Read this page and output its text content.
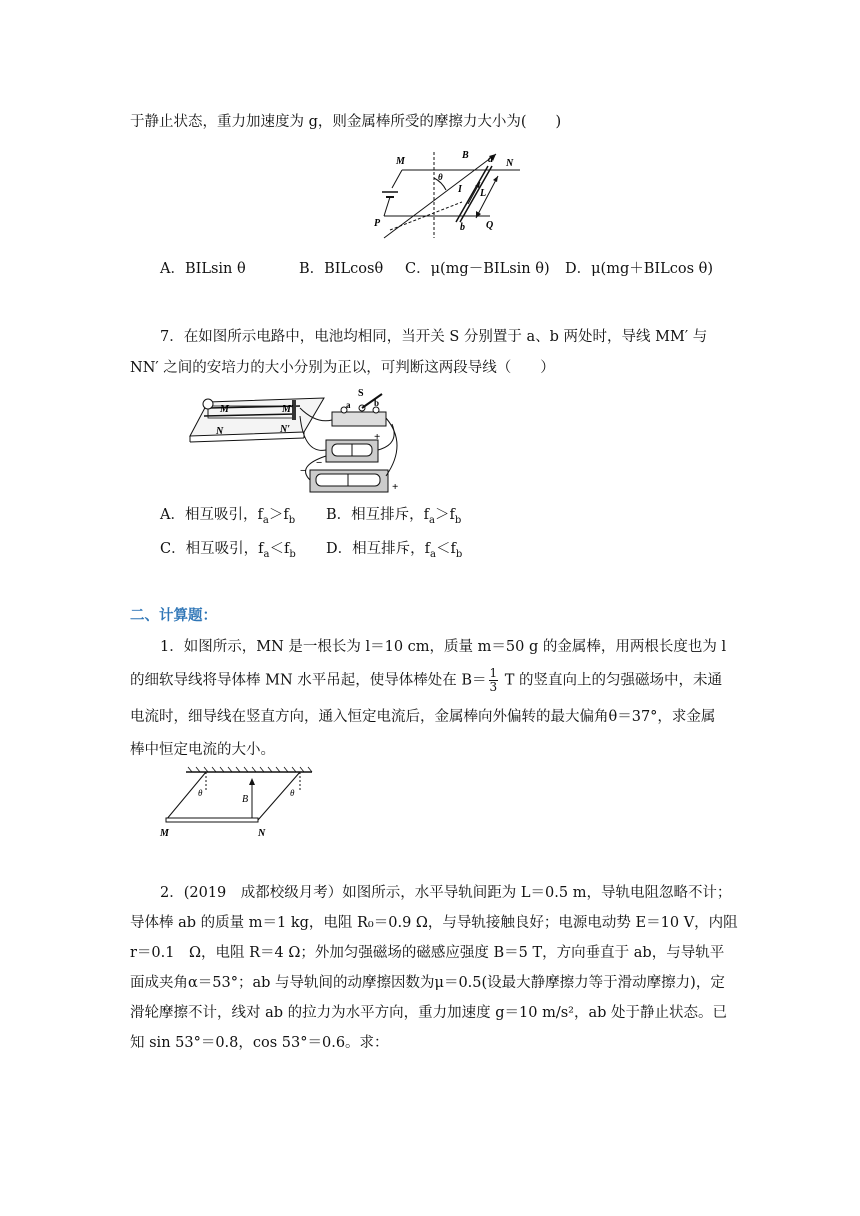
于静止状态，重力加速度为 g，则金属棒所受的摩擦力大小为(　　)
M	N
P	Q
B a
b
I L
θ
A．BILsin θ	B．BILcosθ C．μ(mg－BILsin θ) D．μ(mg＋BILcos θ)
7．在如图所示电路中，电池均相同，当开关 S 分别置于 a、b 两处时，导线 MM′ 与
NN′ 之间的安培力的大小分别为正以，可判断这两段导线（　　）
M	M′
N	N′
S
a	b
+
−
+
−
A．相互吸引，$f_a>f_b$ B．相互排斥，$f_a>f_b$
C．相互吸引，$f_a<f_b$ D．相互排斥，$f_a<f_b$
二、计算题：
1．如图所示，MN 是一根长为 l＝10 cm，质量 m＝50 g 的金属棒，用两根长度也为 l
的细软导线将导体棒 MN 水平吊起，使导体棒处在 $B= \frac{1}{3}$ T 的竖直向上的匀强磁场中，未通
电流时，细导线在竖直方向，通入恒定电流后，金属棒向外偏转的最大偏角θ＝37°，求金属
棒中恒定电流的大小。
θ	θ
B
M	N
2．(2019　成都校级月考）如图所示，水平导轨间距为 L＝0.5 m，导轨电阻忽略不计；
导体棒 ab 的质量 m＝1 kg，电阻 R₀＝0.9 Ω，与导轨接触良好；电源电动势 E＝10 V，内阻
r＝0.1　Ω，电阻 R＝4 Ω；外加匀强磁场的磁感应强度 B＝5 T，方向垂直于 ab，与导轨平
面成夹角α＝53°；ab 与导轨间的动摩擦因数为μ＝0.5(设最大静摩擦力等于滑动摩擦力)，定
滑轮摩擦不计，线对 ab 的拉力为水平方向，重力加速度 g＝10 m/s²，ab 处于静止状态。已
知 sin 53°＝0.8，cos 53°＝0.6。求：
